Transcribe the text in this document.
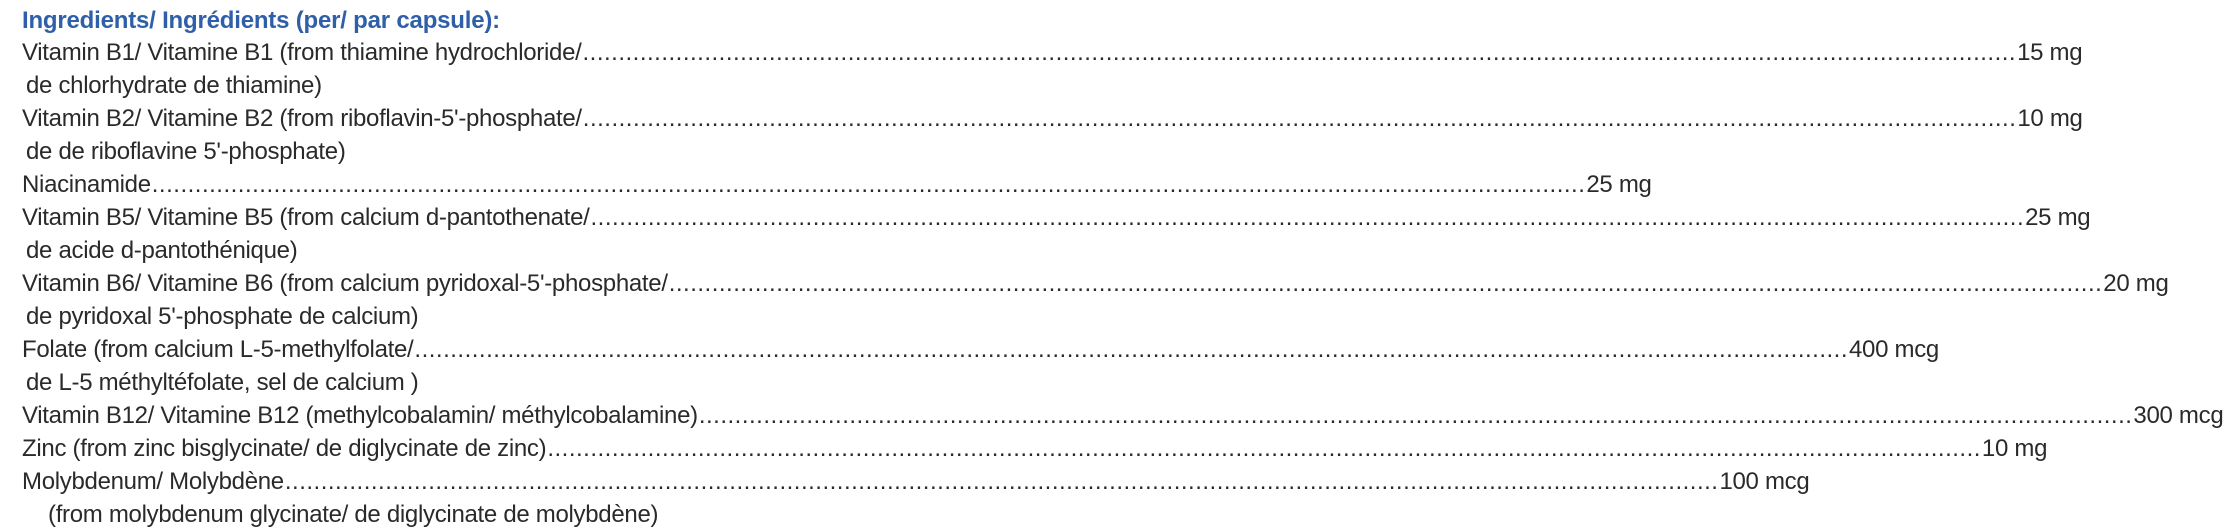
Ingredients/ Ingrédients (per/ par capsule):
Vitamin B1/ Vitamine B1 (from thiamine hydrochloride/ ........................................................................................................................................................................................................ 15 mg
de chlorhydrate de thiamine)
Vitamin B2/ Vitamine B2 (from riboflavin-5'-phosphate/ ........................................................................................................................................................................................................ 10 mg
de de riboflavine 5'-phosphate)
Niacinamide ........................................................................................................................................................................................................ 25 mg
Vitamin B5/ Vitamine B5 (from calcium d-pantothenate/ ........................................................................................................................................................................................................ 25 mg
de acide d-pantothénique)
Vitamin B6/ Vitamine B6 (from calcium pyridoxal-5'-phosphate/ ........................................................................................................................................................................................................ 20 mg
de pyridoxal 5'-phosphate de calcium)
Folate (from calcium L-5-methylfolate/ ........................................................................................................................................................................................................ 400 mcg
de L-5 méthyltéfolate, sel de calcium )
Vitamin B12/ Vitamine B12 (methylcobalamin/ méthylcobalamine) ........................................................................................................................................................................................................ 300 mcg
Zinc (from zinc bisglycinate/ de diglycinate de zinc) ........................................................................................................................................................................................................ 10 mg
Molybdenum/ Molybdène ........................................................................................................................................................................................................ 100 mcg
(from molybdenum glycinate/ de diglycinate de molybdène)
